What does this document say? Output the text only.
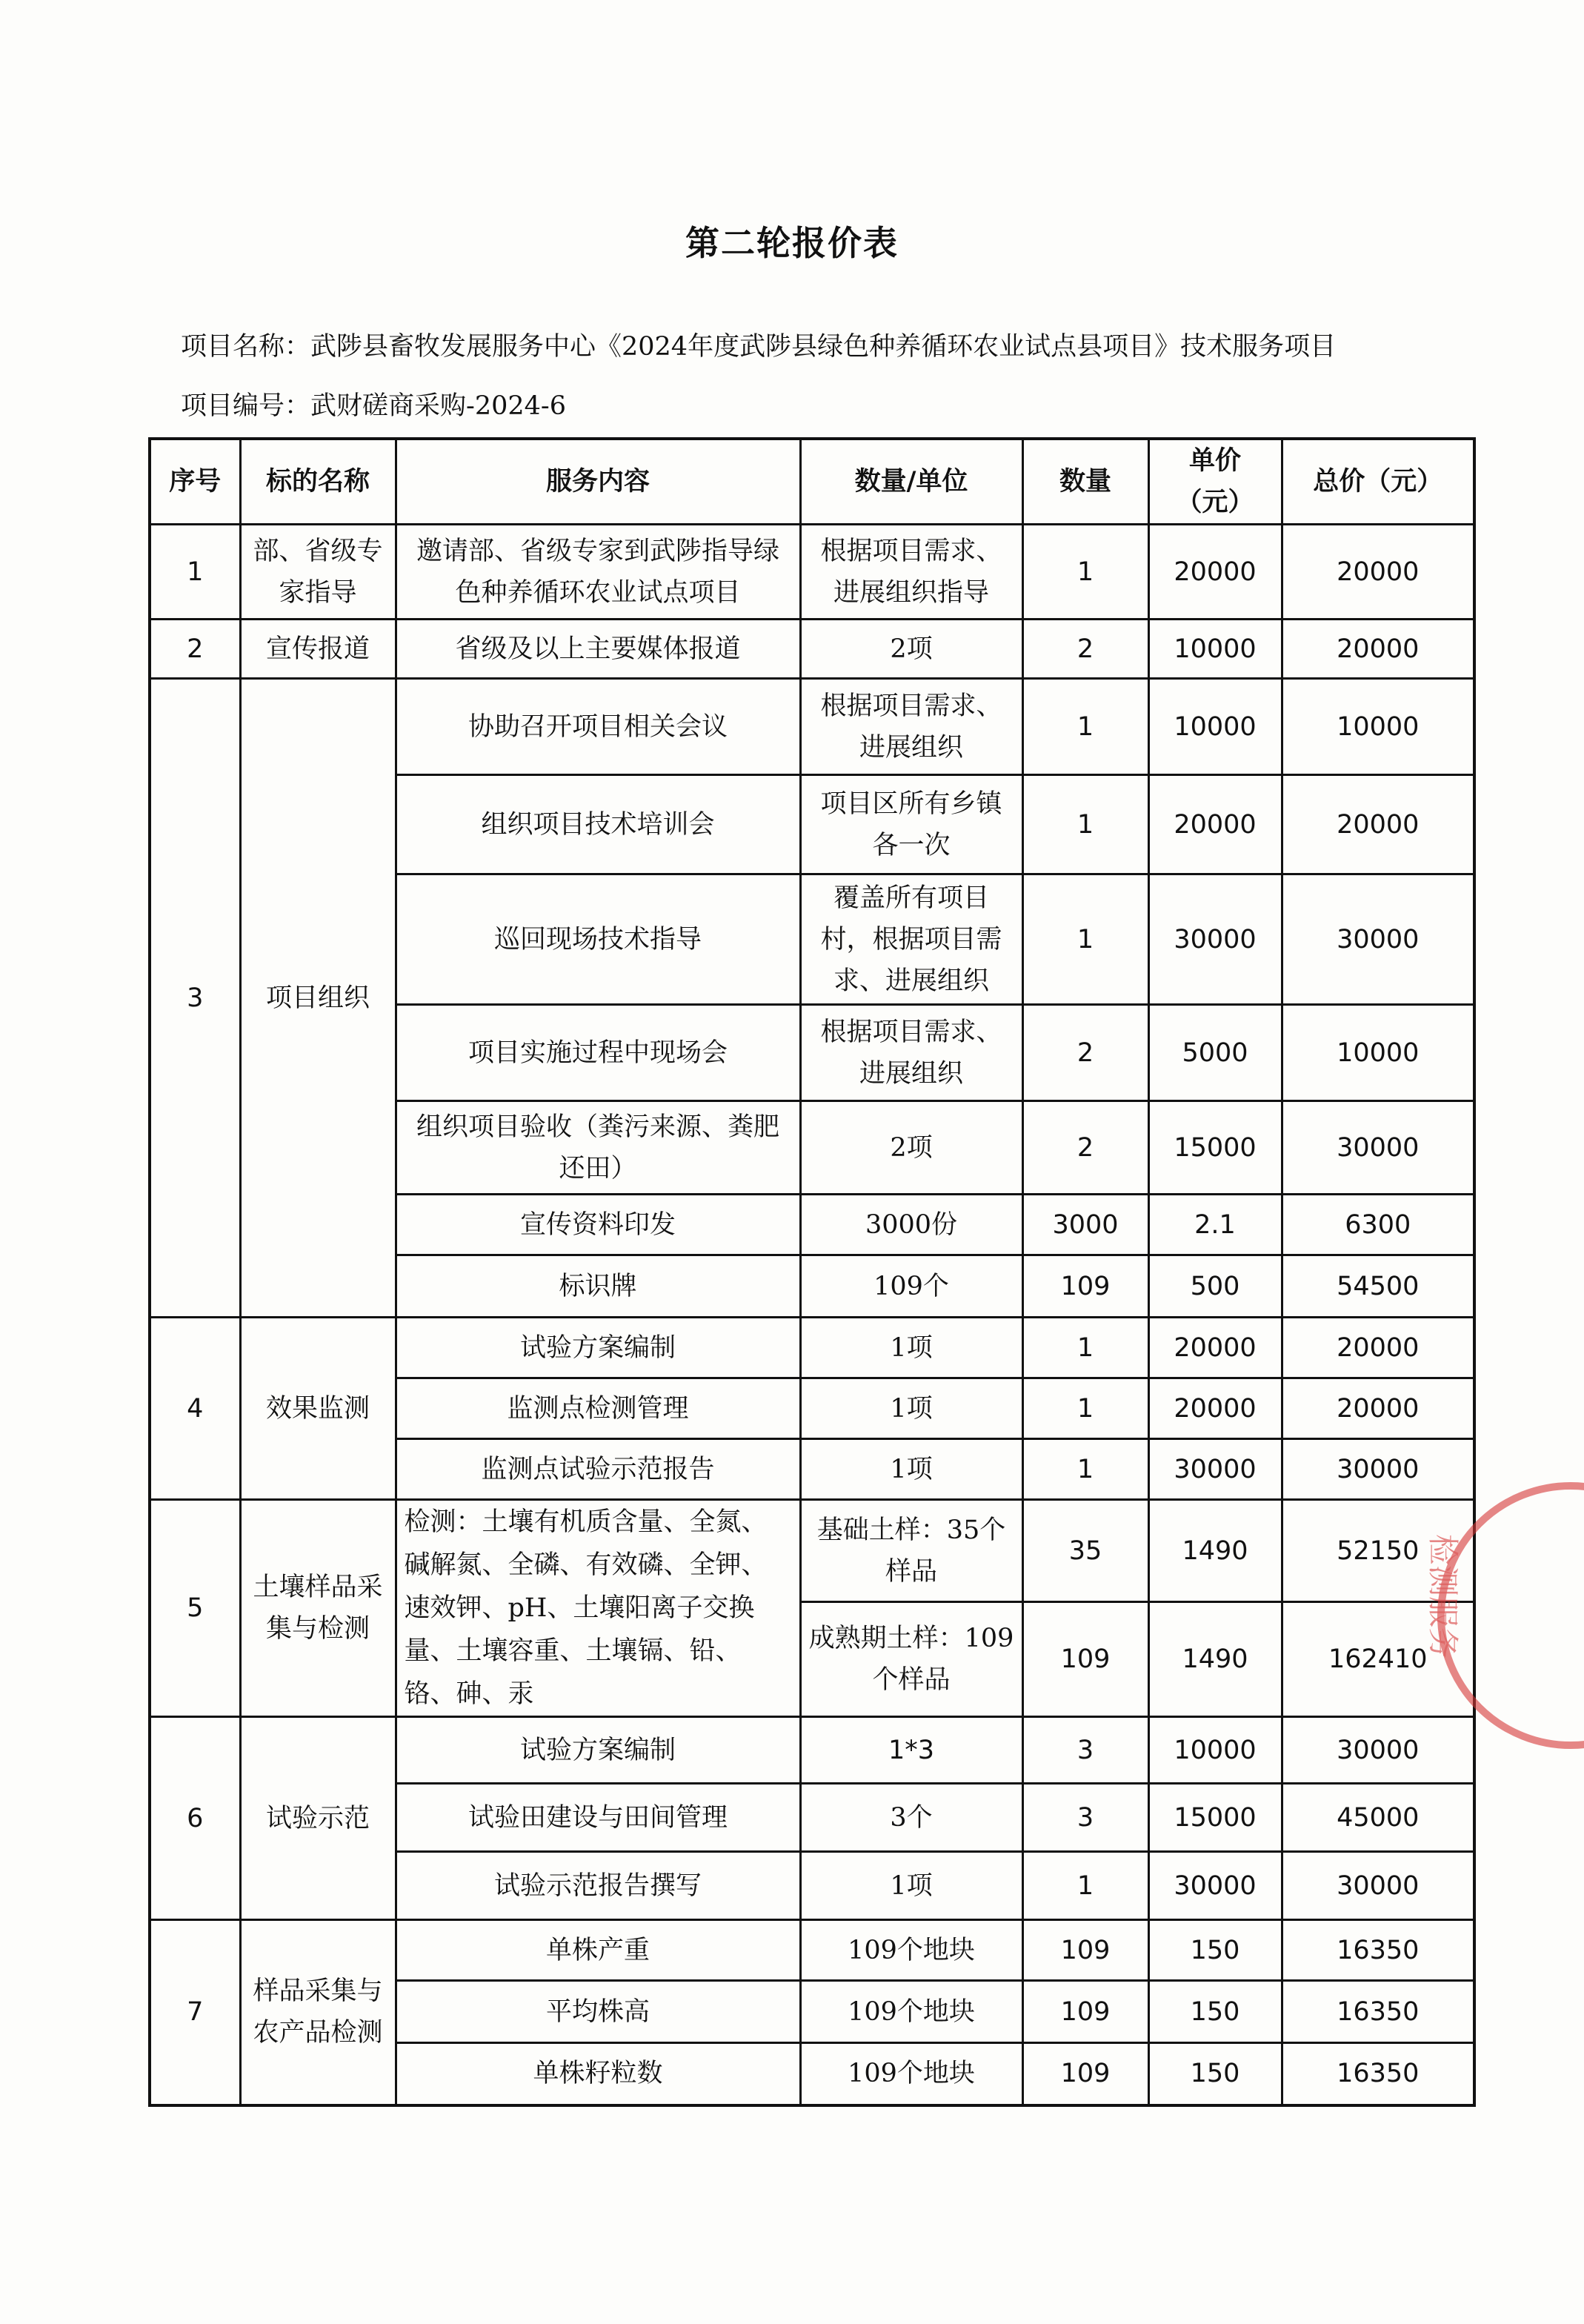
第二轮报价表
项目名称：武陟县畜牧发展服务中心《2024年度武陟县绿色种养循环农业试点县项目》技术服务项目
项目编号：武财磋商采购-2024-6
序号	标的名称	服务内容	数量/单位	数量	单价（元）	总价（元）
1	部、省级专家指导	邀请部、省级专家到武陟指导绿色种养循环农业试点项目	根据项目需求、进展组织指导	1	20000	20000
2	宣传报道	省级及以上主要媒体报道	2项	2	10000	20000
3	项目组织	协助召开项目相关会议	根据项目需求、进展组织	1	10000	10000
		组织项目技术培训会	项目区所有乡镇各一次	1	20000	20000
		巡回现场技术指导	覆盖所有项目村，根据项目需求、进展组织	1	30000	30000
		项目实施过程中现场会	根据项目需求、进展组织	2	5000	10000
		组织项目验收（粪污来源、粪肥还田）	2项	2	15000	30000
		宣传资料印发	3000份	3000	2.1	6300
		标识牌	109个	109	500	54500
4	效果监测	试验方案编制	1项	1	20000	20000
		监测点检测管理	1项	1	20000	20000
		监测点试验示范报告	1项	1	30000	30000
5	土壤样品采集与检测	检测：土壤有机质含量、全氮、碱解氮、全磷、有效磷、全钾、速效钾、pH、土壤阳离子交换量、土壤容重、土壤镉、铅、铬、砷、汞	基础土样：35个样品	35	1490	52150
			成熟期土样：109个样品	109	1490	162410
6	试验示范	试验方案编制	1*3	3	10000	30000
		试验田建设与田间管理	3个	3	15000	45000
		试验示范报告撰写	1项	1	30000	30000
7	样品采集与农产品检测	单株产重	109个地块	109	150	16350
		平均株高	109个地块	109	150	16350
		单株籽粒数	109个地块	109	150	16350
检测服务
